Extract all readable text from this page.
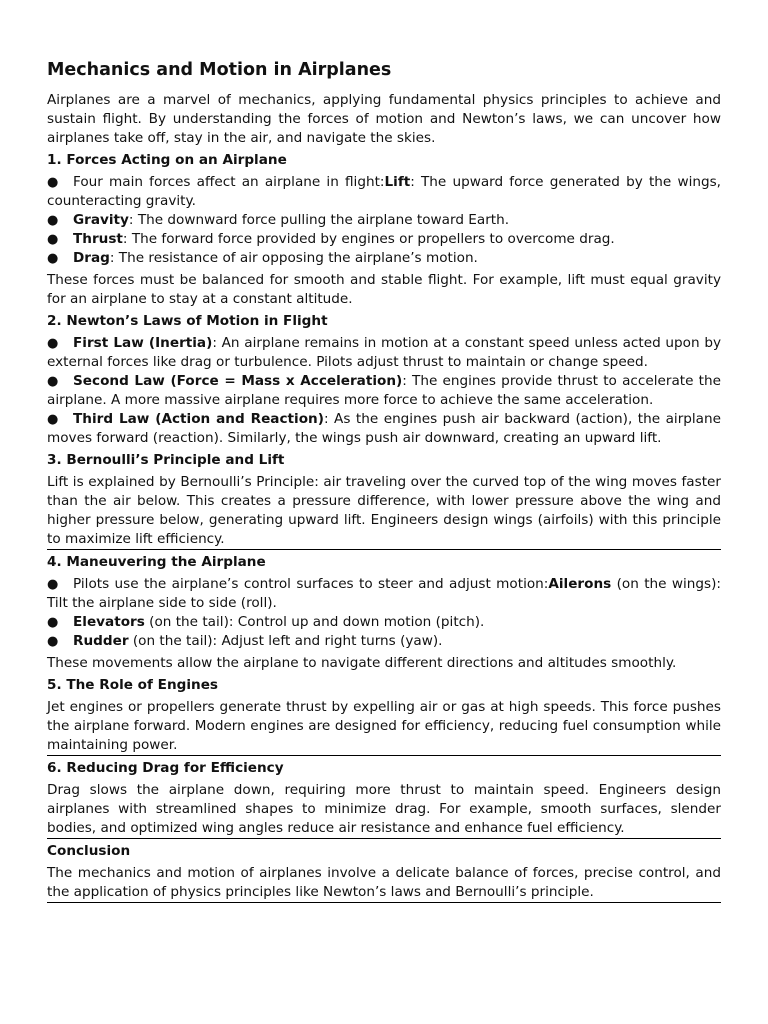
Mechanics and Motion in Airplanes

Airplanes are a marvel of mechanics, applying fundamental physics principles to achieve and sustain flight. By understanding the forces of motion and Newton’s laws, we can uncover how airplanes take off, stay in the air, and navigate the skies.

1. Forces Acting on an Airplane
● Four main forces affect an airplane in flight:Lift: The upward force generated by the wings, counteracting gravity.
● Gravity: The downward force pulling the airplane toward Earth.
● Thrust: The forward force provided by engines or propellers to overcome drag.
● Drag: The resistance of air opposing the airplane’s motion.

These forces must be balanced for smooth and stable flight. For example, lift must equal gravity for an airplane to stay at a constant altitude.

2. Newton’s Laws of Motion in Flight
● First Law (Inertia): An airplane remains in motion at a constant speed unless acted upon by external forces like drag or turbulence. Pilots adjust thrust to maintain or change speed.
● Second Law (Force = Mass x Acceleration): The engines provide thrust to accelerate the airplane. A more massive airplane requires more force to achieve the same acceleration.
● Third Law (Action and Reaction): As the engines push air backward (action), the airplane moves forward (reaction). Similarly, the wings push air downward, creating an upward lift.
3. Bernoulli’s Principle and Lift

Lift is explained by Bernoulli’s Principle: air traveling over the curved top of the wing moves faster than the air below. This creates a pressure difference, with lower pressure above the wing and higher pressure below, generating upward lift. Engineers design wings (airfoils) with this principle to maximize lift efficiency.

4. Maneuvering the Airplane
● Pilots use the airplane’s control surfaces to steer and adjust motion:Ailerons (on the wings): Tilt the airplane side to side (roll).
● Elevators (on the tail): Control up and down motion (pitch).
● Rudder (on the tail): Adjust left and right turns (yaw).

These movements allow the airplane to navigate different directions and altitudes smoothly.

5. The Role of Engines

Jet engines or propellers generate thrust by expelling air or gas at high speeds. This force pushes the airplane forward. Modern engines are designed for efficiency, reducing fuel consumption while maintaining power.

6. Reducing Drag for Efficiency

Drag slows the airplane down, requiring more thrust to maintain speed. Engineers design airplanes with streamlined shapes to minimize drag. For example, smooth surfaces, slender bodies, and optimized wing angles reduce air resistance and enhance fuel efficiency.

Conclusion

The mechanics and motion of airplanes involve a delicate balance of forces, precise control, and the application of physics principles like Newton’s laws and Bernoulli’s principle.
